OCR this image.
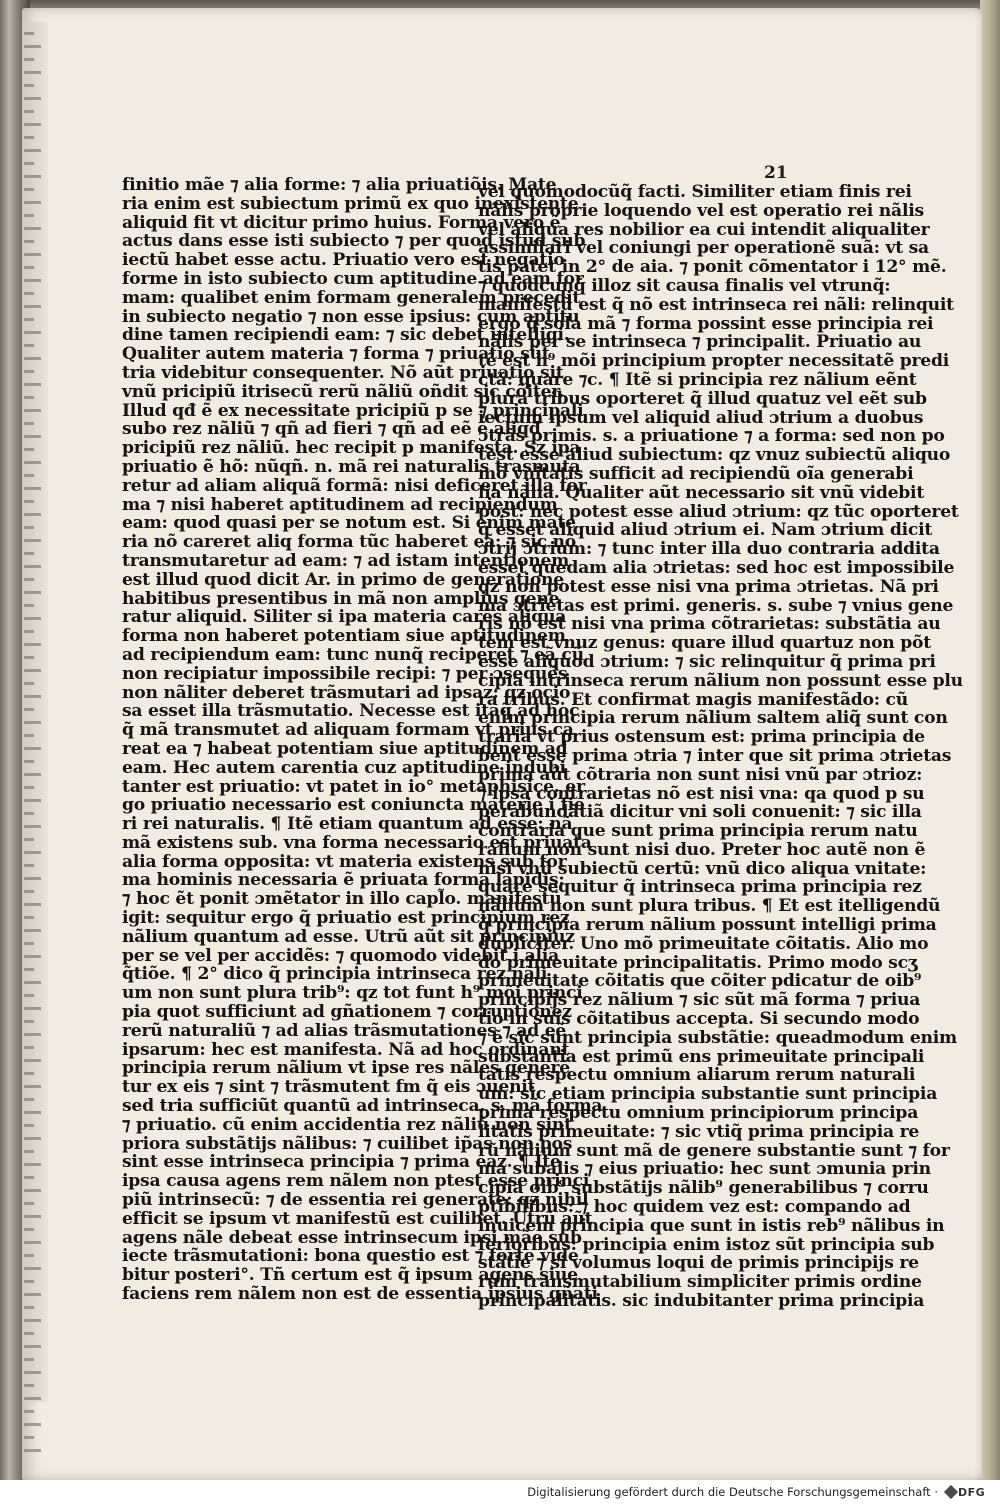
21
finitio mãe ⁊ alia forme: ⁊ alia priuatiõis. Mate
ria enim est subiectum primũ ex quo inexistente
aliquid fit vt dicitur primo huius. Forma vero ẽ
actus dans esse isti subiecto ⁊ per quod istud sub
iectũ habet esse actu. Priuatio vero est negatio
forme in isto subiecto cum aptitudine ad eam for
mam: qualibet enim formam generalem precedit
in subiecto negatio ⁊ non esse ipsius: cum aptitu
dine tamen recipiendi eam: ⁊ sic debet intelligi.
Qualiter autem materia ⁊ forma ⁊ priuatio sũt
tria videbitur consequenter. Nõ aũt priuatio sit
vnũ pricipiũ itrisecũ rerũ nãliũ oñdit sic cõiter.
Illud qđ ẽ ex necessitate pricipiũ p se ⁊ principali
subo rez nãliũ ⁊ qñ ad fieri ⁊ qñ ad eẽ ẽ aliqđ
pricipiũ rez nãliũ. hec recipit p manifesta. Sz ipa
priuatio ẽ hõ: nũqñ. n. mã rei naturalis trasmuta
retur ad aliam aliquã formã: nisi deficeret illa for
ma ⁊ nisi haberet aptitudinem ad recipiendum
eam: quod quasi per se notum est. Si enim mate
ria nõ careret aliq forma tũc haberet eã: ⁊ sic nõ
transmutaretur ad eam: ⁊ ad istam intentionem
est illud quod dicit Ar. in primo de generatione
habitibus presentibus in mã non amplius gene
ratur aliquid. Siliter si ipa materia carẽs aliqua
forma non haberet potentiam siue aptitudinem
ad recipiendum eam: tunc nunq̃ reciperet ⁊ eã cũ
non recipiatur impossibile recipi: ⁊ per ɔsequẽs
non nãliter deberet trãsmutari ad ipsaz: qz ocio
sa esset illa trãsmutatio. Necesse est itaq̃ ad hoc
q̃ mã transmutet ad aliquam formam vt prius ca
reat ea ⁊ habeat potentiam siue aptitudinem ad
eam. Hec autem carentia cuz aptitudine indubi
tanter est priuatio: vt patet in io° metaphisice. er
go priuatio necessario est coniuncta materie i fie
ri rei naturalis. ¶ Itẽ etiam quantum ad esse: nã
mã existens sub. vna forma necessario est priuata
alia forma opposita: vt materia existens sub for
ma hominis necessaria ẽ priuata forma lapidis:
⁊ hoc ẽt ponit ɔmẽtator in illo capl̃o. manifestũ
igit: sequitur ergo q̃ priuatio est principium rez
nãlium quantum ad esse. Utrũ aũt sit principiuz
per se vel per accidẽs: ⁊ quomodo videbit i alia
q̃tiõe. ¶ 2° dico q̃ principia intrinseca rez nãli
um non sunt plura trib⁹: qz tot funt h⁹ mõi princi
pia quot sufficiunt ad gñationem ⁊ corruptionez
rerũ naturaliũ ⁊ ad alias trãsmutationes ⁊ ad eẽ
ipsarum: hec est manifesta. Nã ad hoc ordinant
principia rerum nãlium vt ipse res nãles generẽ
tur ex eis ⁊ sint ⁊ trãsmutent fm q̃ eis ɔuenit
sed tria sufficiũt quantũ ad intrinseca. s. mã forma
⁊ priuatio. cũ enim accidentia rez nãliũ non sint
priora substãtijs nãlibus: ⁊ cuilibet ip̃as non pos
sint esse intrinseca principia ⁊ prima eaz. ¶ Itẽ
ipsa causa agens rem nãlem non ptest esse princi
piũ intrinsecũ: ⁊ de essentia rei generate: qz nihil
efficit se ipsum vt manifestũ est cuilibet. Utrũ aũt
agens nãle debeat esse intrinsecum ipsi mãe sub
iecte trãsmutationi: bona questio est ⁊ forte vide
bitur posteri°. Tñ certum est q̃ ipsum agens siue
faciens rem nãlem non est de essentia ipsius gñati
vel quomodocũq̃ facti. Similiter etiam finis rei
nãlis proprie loquendo vel est operatio rei nãlis
vel aliqua res nobilior ea cui intendit aliqualiter
assimilari vel coniungi per operationẽ suã: vt sa
tis patet in 2° de aia. ⁊ ponit cõmentator i 12° mẽ.
⁊ quodcunq̃ illoz sit causa finalis vel vtrunq̃:
manifestũ est q̃ nõ est intrinseca rei nãli: relinquit
ergo q̃ sola mã ⁊ forma possint esse principia rei
nãlis per se intrinseca ⁊ principalit. Priuatio au
tẽ est h⁹ mõi principium propter necessitatẽ predi
ctã: quare ⁊c. ¶ Itẽ si principia rez nãlium eẽnt
plura tribus oporteret q̃ illud quatuz vel eẽt sub
iectum ipsum vel aliquid aliud ɔtrium a duobus
ɔtrãs primis. s. a priuatione ⁊ a forma: sed non po
test esse aliud subiectum: qz vnuz subiectũ aliquo
mõ vnitatis sufficit ad recipiendũ oĩa generabi
lia nãlia. Qualiter aũt necessario sit vnũ videbit
post: nec potest esse aliud ɔtrium: qz tũc oporteret
q̃ esset aliquid aliud ɔtrium ei. Nam ɔtrium dicit
ɔtrij ɔtrium: ⁊ tunc inter illa duo contraria addita
esset quedam alia ɔtrietas: sed hoc est impossibile
qz non potest esse nisi vna prima ɔtrietas. Nã pri
ma ɔtrietas est primi. generis. s. sube ⁊ vnius gene
ris nõ est nisi vna prima cõtrarietas: substãtia au
tem est vnuz genus: quare illud quartuz non põt
esse aliquod ɔtrium: ⁊ sic relinquitur q̃ prima pri
cipia intrinseca rerum nãlium non possunt esse plu
ra tribus. Et confirmat magis manifestãdo: cũ
enim principia rerum nãlium saltem aliq̃ sunt con
traria vt prius ostensum est: prima principia de
bent esse prima ɔtria ⁊ inter que sit prima ɔtrietas
prima aũt cõtraria non sunt nisi vnũ par ɔtrioz:
⁊ ipsa contrarietas nõ est nisi vna: qa quod p su
perabundãtiã dicitur vni soli conuenit: ⁊ sic illa
contraria que sunt prima principia rerum natu
ralium non sunt nisi duo. Preter hoc autẽ non ẽ
nisi vnũ subiectũ certũ: vnũ dico aliqua vnitate:
quare sequitur q̃ intrinseca prima principia rez
nãlium non sunt plura tribus. ¶ Et est itelligendũ
q̃ principia rerum nãlium possunt intelligi prima
dupliciter. Uno mõ primeuitate cõitatis. Alio mo
do primeuitate principalitatis. Primo modo scʒ
primeuitate cõitatis que cõiter pdicatur de oib⁹
principijs rez nãlium ⁊ sic sũt mã forma ⁊ priua
tio in suis cõitatibus accepta. Si secundo modo
⁊ ẽ sic sunt principia substãtie: queadmodum enim
substantia est primũ ens primeuitate principali
tatis respectu omnium aliarum rerum naturali
um: sic etiam principia substantie sunt principia
prima respectu omnium principiorum principa
litatis primeuitate: ⁊ sic vtiq̃ prima principia re
rũ nãlium sunt mã de genere substantie sunt ⁊ for
ma subalis ⁊ eius priuatio: hec sunt ɔmunia prin
cipia oib⁹ substãtijs nãlib⁹ generabilibus ⁊ corru
ptibilibus: ⁊ hoc quidem vez est: compando ad
inuicem principia que sunt in istis reb⁹ nãlibus in
ferioribus: principia enim istoz sũt principia sub
stãtie ⁊ si volumus loqui de primis principijs re
rum transmutabilium simpliciter primis ordine
principalitatis. sic indubitanter prima principia
Digitalisierung gefördert durch die Deutsche Forschungsgemeinschaft · DFG
